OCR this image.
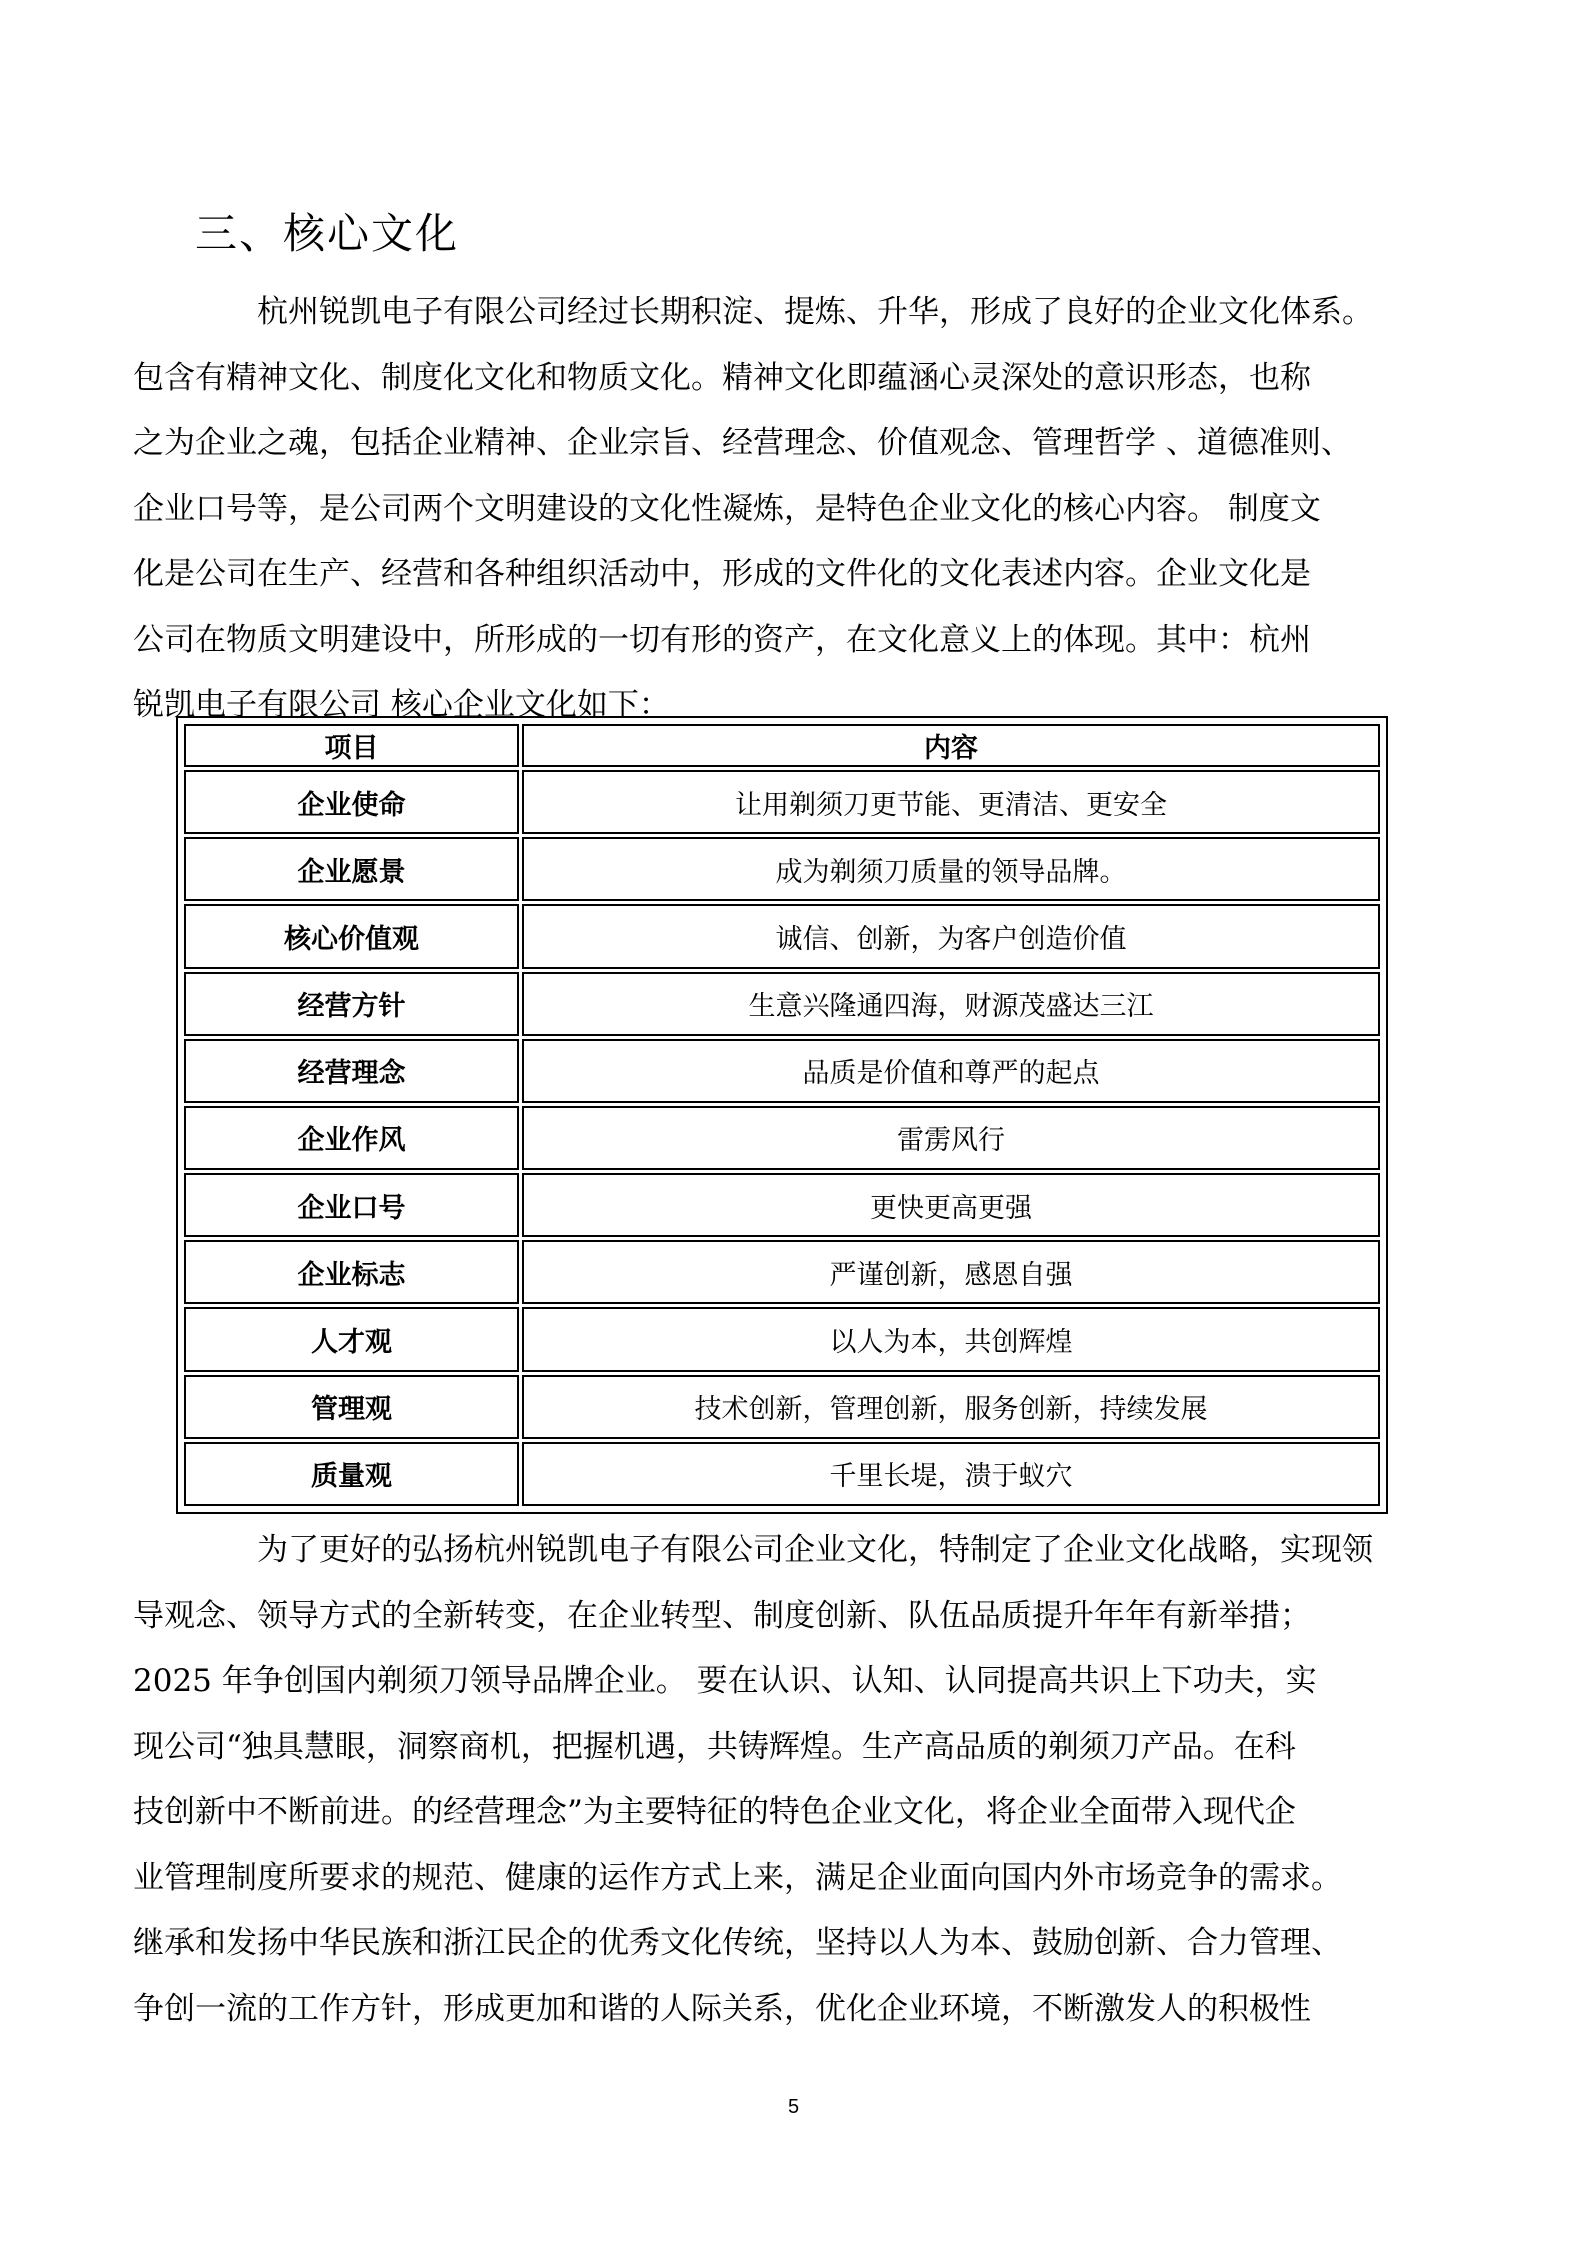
三、核心文化

杭州锐凯电子有限公司经过长期积淀、提炼、升华，形成了良好的企业文化体系。
包含有精神文化、制度化文化和物质文化。精神文化即蕴涵心灵深处的意识形态，也称
之为企业之魂，包括企业精神、企业宗旨、经营理念、价值观念、管理哲学 、道德准则、
企业口号等，是公司两个文明建设的文化性凝炼，是特色企业文化的核心内容。 制度文
化是公司在生产、经营和各种组织活动中，形成的文件化的文化表述内容。企业文化是
公司在物质文明建设中，所形成的一切有形的资产，在文化意义上的体现。其中：杭州
锐凯电子有限公司 核心企业文化如下：

项目	内容
企业使命	让用剃须刀更节能、更清洁、更安全
企业愿景	成为剃须刀质量的领导品牌。
核心价值观	诚信、创新，为客户创造价值
经营方针	生意兴隆通四海，财源茂盛达三江
经营理念	品质是价值和尊严的起点
企业作风	雷雳风行
企业口号	更快更高更强
企业标志	严谨创新，感恩自强
人才观	以人为本，共创辉煌
管理观	技术创新，管理创新，服务创新，持续发展
质量观	千里长堤，溃于蚁穴

为了更好的弘扬杭州锐凯电子有限公司企业文化，特制定了企业文化战略，实现领
导观念、领导方式的全新转变，在企业转型、制度创新、队伍品质提升年年有新举措；
2025 年争创国内剃须刀领导品牌企业。 要在认识、认知、认同提高共识上下功夫，实
现公司“独具慧眼，洞察商机，把握机遇，共铸辉煌。生产高品质的剃须刀产品。在科
技创新中不断前进。的经营理念”为主要特征的特色企业文化，将企业全面带入现代企
业管理制度所要求的规范、健康的运作方式上来，满足企业面向国内外市场竞争的需求。
继承和发扬中华民族和浙江民企的优秀文化传统，坚持以人为本、鼓励创新、合力管理、
争创一流的工作方针，形成更加和谐的人际关系，优化企业环境，不断激发人的积极性

5
